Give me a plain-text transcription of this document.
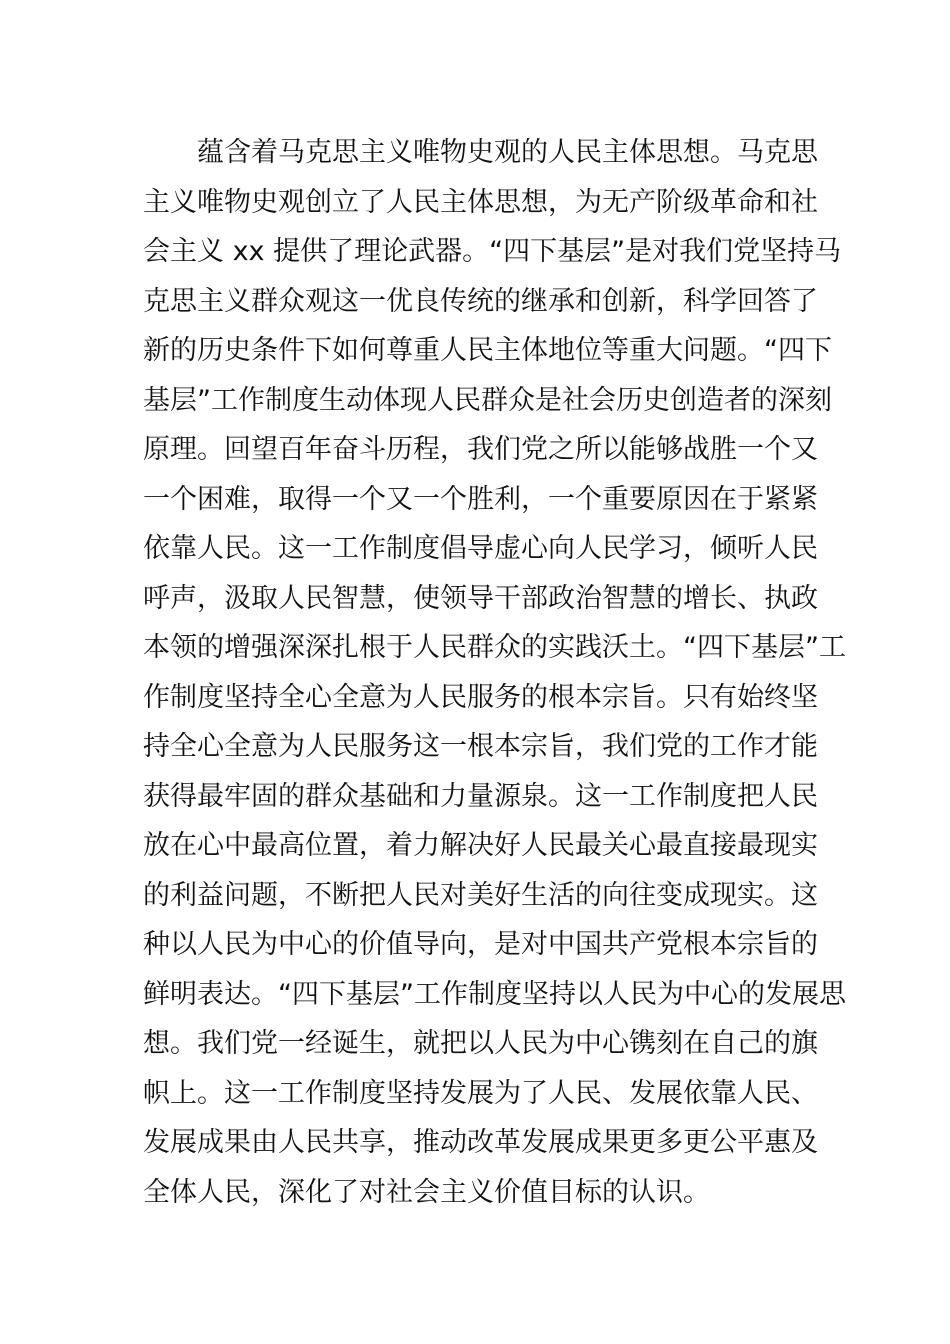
蕴含着马克思主义唯物史观的人民主体思想。马克思
主义唯物史观创立了人民主体思想，为无产阶级革命和社
会主义 xx 提供了理论武器。“四下基层”是对我们党坚持马
克思主义群众观这一优良传统的继承和创新，科学回答了
新的历史条件下如何尊重人民主体地位等重大问题。“四下
基层”工作制度生动体现人民群众是社会历史创造者的深刻
原理。回望百年奋斗历程，我们党之所以能够战胜一个又
一个困难，取得一个又一个胜利，一个重要原因在于紧紧
依靠人民。这一工作制度倡导虚心向人民学习，倾听人民
呼声，汲取人民智慧，使领导干部政治智慧的增长、执政
本领的增强深深扎根于人民群众的实践沃土。“四下基层”工
作制度坚持全心全意为人民服务的根本宗旨。只有始终坚
持全心全意为人民服务这一根本宗旨，我们党的工作才能
获得最牢固的群众基础和力量源泉。这一工作制度把人民
放在心中最高位置，着力解决好人民最关心最直接最现实
的利益问题，不断把人民对美好生活的向往变成现实。这
种以人民为中心的价值导向，是对中国共产党根本宗旨的
鲜明表达。“四下基层”工作制度坚持以人民为中心的发展思
想。我们党一经诞生，就把以人民为中心镌刻在自己的旗
帜上。这一工作制度坚持发展为了人民、发展依靠人民、
发展成果由人民共享，推动改革发展成果更多更公平惠及
全体人民，深化了对社会主义价值目标的认识。
